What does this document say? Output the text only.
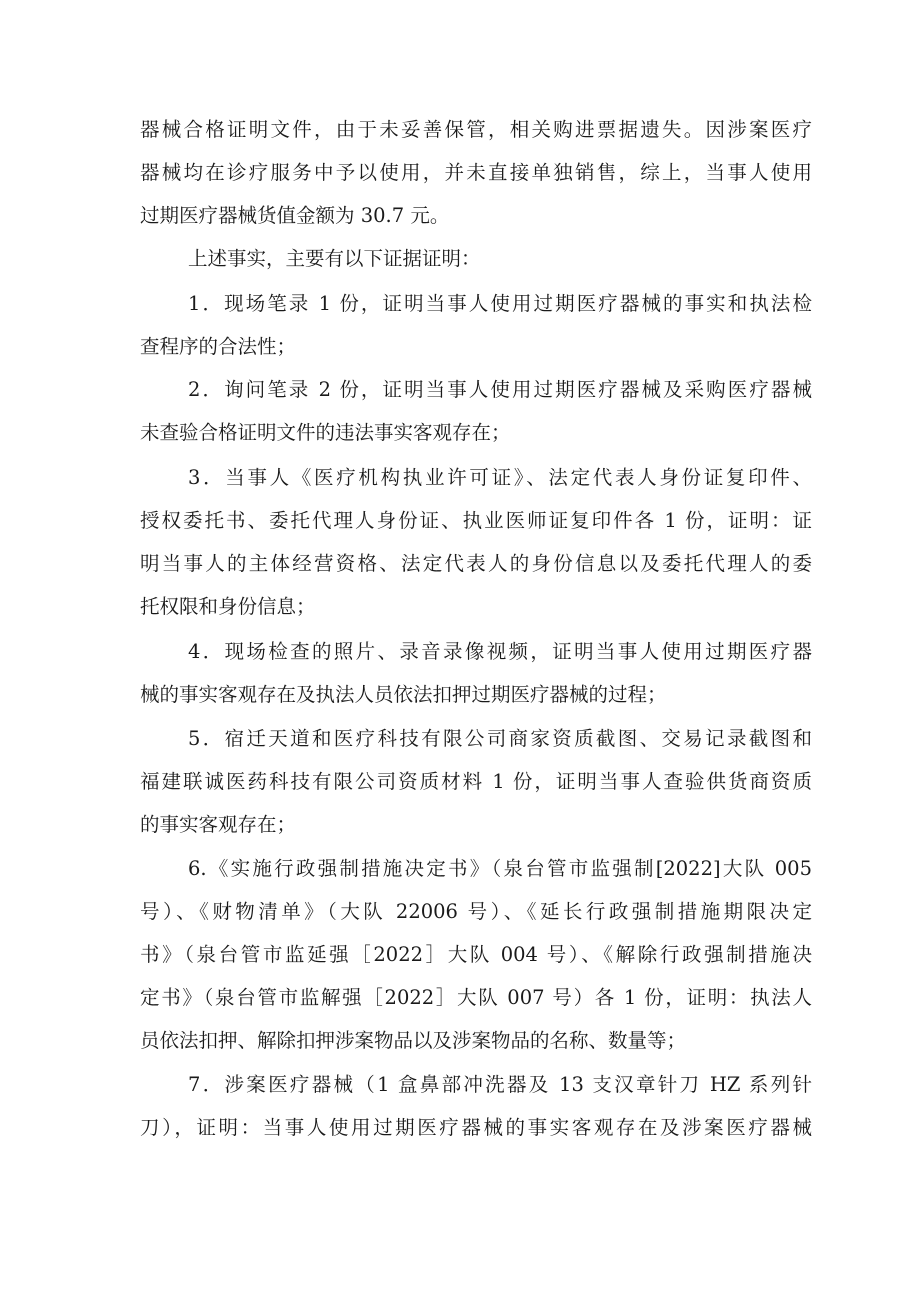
器械合格证明文件，由于未妥善保管，相关购进票据遗失。因涉案医疗
器械均在诊疗服务中予以使用，并未直接单独销售，综上，当事人使用
过期医疗器械货值金额为 30.7 元。
上述事实，主要有以下证据证明：
1．现场笔录 1 份，证明当事人使用过期医疗器械的事实和执法检
查程序的合法性；
2．询问笔录 2 份，证明当事人使用过期医疗器械及采购医疗器械
未查验合格证明文件的违法事实客观存在；
3．当事人《医疗机构执业许可证》、法定代表人身份证复印件、
授权委托书、委托代理人身份证、执业医师证复印件各 1 份，证明：证
明当事人的主体经营资格、法定代表人的身份信息以及委托代理人的委
托权限和身份信息；
4．现场检查的照片、录音录像视频，证明当事人使用过期医疗器
械的事实客观存在及执法人员依法扣押过期医疗器械的过程；
5．宿迁天道和医疗科技有限公司商家资质截图、交易记录截图和
福建联诚医药科技有限公司资质材料 1 份，证明当事人查验供货商资质
的事实客观存在；
6.《实施行政强制措施决定书》（泉台管市监强制[2022]大队 005
号）、《财物清单》（大队 22006 号）、《延长行政强制措施期限决定
书》（泉台管市监延强［2022］大队 004 号）、《解除行政强制措施决
定书》（泉台管市监解强［2022］大队 007 号）各 1 份，证明：执法人
员依法扣押、解除扣押涉案物品以及涉案物品的名称、数量等；
7．涉案医疗器械（1 盒鼻部冲洗器及 13 支汉章针刀 HZ 系列针
刀），证明：当事人使用过期医疗器械的事实客观存在及涉案医疗器械
